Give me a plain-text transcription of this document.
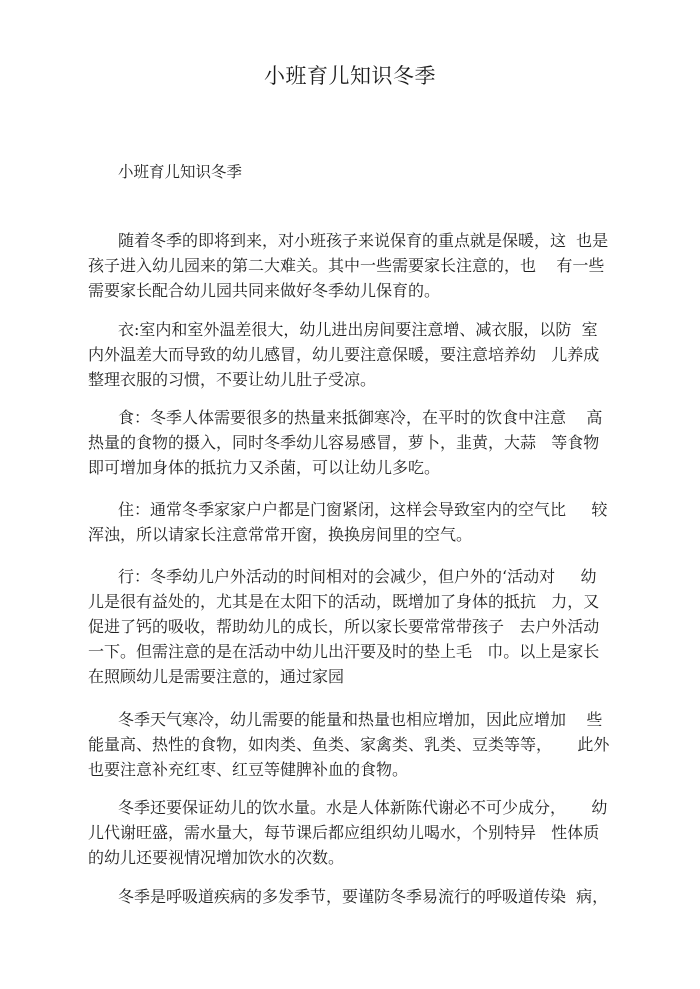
小班育儿知识冬季
小班育儿知识冬季
随着冬季的即将到来，对小班孩子来说保育的重点就是保暖，这  也是
孩子进入幼儿园来的第二大难关。其中一些需要家长注意的，也    有一些
需要家长配合幼儿园共同来做好冬季幼儿保育的。
衣:室内和室外温差很大，幼儿进出房间要注意增、减衣服，以防  室
内外温差大而导致的幼儿感冒，幼儿要注意保暖，要注意培养幼   儿养成
整理衣服的习惯，不要让幼儿肚子受凉。
食：冬季人体需要很多的热量来抵御寒冷，在平时的饮食中注意    高
热量的食物的摄入，同时冬季幼儿容易感冒，萝卜，韭黄，大蒜   等食物
即可增加身体的抵抗力又杀菌，可以让幼儿多吃。
住：通常冬季家家户户都是门窗紧闭，这样会导致室内的空气比     较
浑浊，所以请家长注意常常开窗，换换房间里的空气。
行：冬季幼儿户外活动的时间相对的会减少，但户外的‘活动对     幼
儿是很有益处的，尤其是在太阳下的活动，既增加了身体的抵抗   力，又
促进了钙的吸收，帮助幼儿的成长，所以家长要常常带孩子   去户外活动
一下。但需注意的是在活动中幼儿出汗要及时的垫上毛   巾。以上是家长
在照顾幼儿是需要注意的，通过家园
冬季天气寒冷，幼儿需要的能量和热量也相应增加，因此应增加    些
能量高、热性的食物，如肉类、鱼类、家禽类、乳类、豆类等等，     此外
也要注意补充红枣、红豆等健脾补血的食物。
冬季还要保证幼儿的饮水量。水是人体新陈代谢必不可少成分，     幼
儿代谢旺盛，需水量大，每节课后都应组织幼儿喝水，个别特异   性体质
的幼儿还要视情况增加饮水的次数。
冬季是呼吸道疾病的多发季节，要谨防冬季易流行的呼吸道传染  病，
